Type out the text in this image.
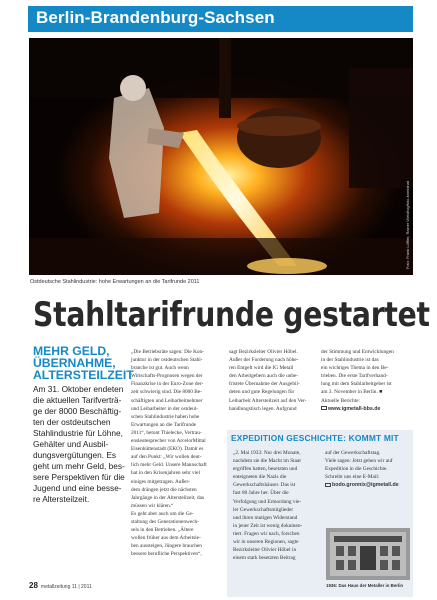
Berlin-Brandenburg-Sachsen
Foto: Frank Löffler, Rainer Weisflog/foto-kombinat
Ostdeutsche Stahlindustrie: hohe Erwartungen an die Tarifrunde 2011
Stahltarifrunde gestartet
MEHR GELD,
ÜBERNAHME,
ALTERSTEILZEIT
Am 31. Oktober endeten
die aktuellen Tarifverträ-
ge der 8000 Beschäftig-
ten der ostdeutschen
Stahlindustrie für Löhne,
Gehälter und Ausbil-
dungsvergütungen. Es
geht um mehr Geld, bes-
sere Perspektiven für die
Jugend und eine besse-
re Altersteilzeit.
„Die Betriebsräte sagen: Die Kon-
junktur in der ostdeutschen Stahl-
branche ist gut. Auch wenn
Wirtschafts-Prognosen wegen der
Finanzkrise in der Euro-Zone der-
zeit schwierig sind. Die 8000 Be-
schäftigten und Leiharbeitnehmer
und Leiharbeiter in der ostdeut-
schen Stahlindustrie haben hohe
Erwartungen an die Tarifrunde
2011“, betont Thielecke, Vertrau-
ensleutesprecher von ArcelorMittal
Eisenhüttenstadt (EKO). Damit es
auf den Punkt: „Wir wollen deut-
lich mehr Geld. Unsere Mannschaft
hat in den Krisenjahren sehr viel
einiges mitgetragen. Außer-
dem drängen jetzt die nächsten
Jahrgänge in der Altersteilzeit, das
müssen wir klären.“
Es geht aber auch um die Ge-
staltung des Generationenwech-
sels in den Betrieben. „Ältere
wollen früher aus dem Arbeitsle-
ben aussteigen, Jüngere brauchen
bessere berufliche Perspektiven“,
sagt Bezirksleiter Olivier Höbel.
Außer der Forderung nach höhe-
ren Entgelt wird die IG Metall
den Arbeitgebern auch die unbe-
fristete Übernahme der Ausgebil-
deten und gute Regelungen für
Leiharbeit Altersteilzeit auf den Ver-
handlungstisch legen. Aufgrund
der Stimmung und Entwicklungen
in der Stahlindustrie ist das
ein wichtiges Thema in den Be-
trieben. Die erste Tarifverhand-
lung mit dem Stahlarbeitgeber ist
am 3. November in Berlin. ■
Aktuelle Berichte:
www.igmetall-bbs.de
EXPEDITION GESCHICHTE: KOMMT MIT
„2. Mai 1933: Nur drei Monate,
nachdem sie die Macht im Staat
ergriffen hatten, besetzten und
enteigneten die Nazis die
Gewerkschaftshäuser. Das ist
fast 80 Jahre her. Über die
Verfolgung und Ermordung vie-
ler Gewerkschaftsmitglieder
und ihren mutigen Widerstand
in jener Zeit ist wenig dokumen-
tiert. Fragen wir nach, forschen
wir in unseren Regionen, sagte
Bezirksleiter Olivier Höbel in
einem stark besetzten Beitrag
auf der Gewerkschaftstag.
Viele sagen: Jetzt gehen wir auf
Expedition in die Geschichte.
Schreibt uns eine E-Mail:
bodo.gronnix@igmetall.de
1936: Das Haus der Metaller in Berlin
28 metallzeitung 11 | 2011
